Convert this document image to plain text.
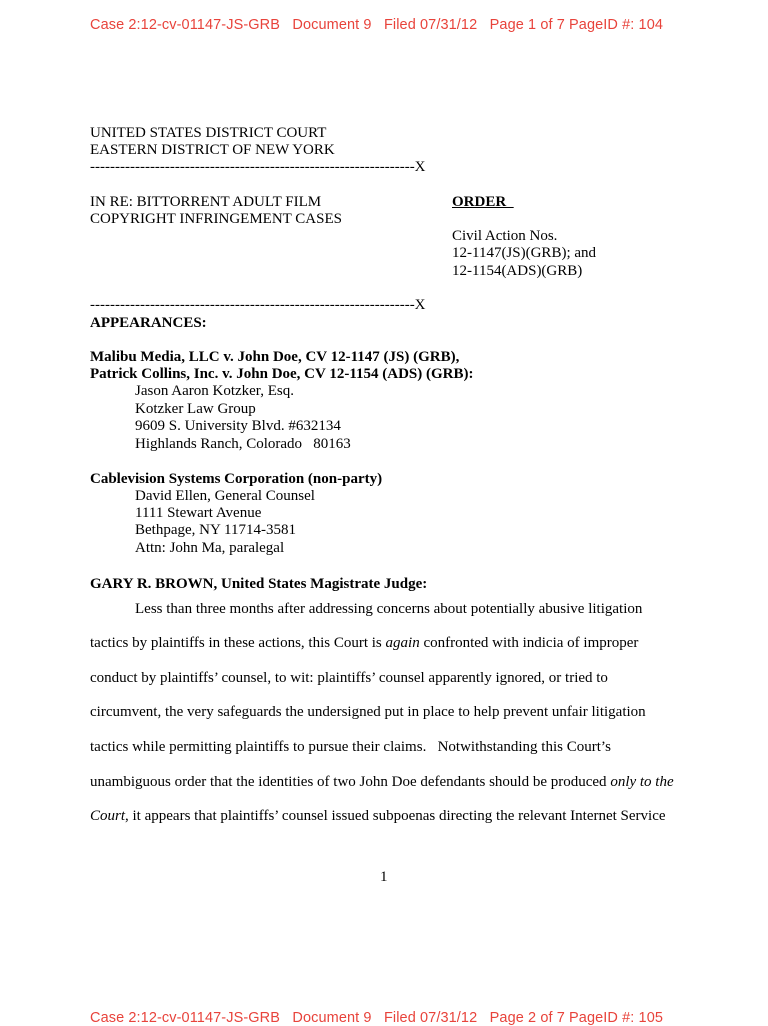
Case 2:12-cv-01147-JS-GRB   Document 9   Filed 07/31/12   Page 1 of 7 PageID #: 104
UNITED STATES DISTRICT COURT
EASTERN DISTRICT OF NEW YORK
-----------------------------------------------------------------X
IN RE: BITTORRENT ADULT FILM
COPYRIGHT INFRINGEMENT CASES
ORDER
Civil Action Nos.
12-1147(JS)(GRB); and
12-1154(ADS)(GRB)
-----------------------------------------------------------------X
APPEARANCES:
Malibu Media, LLC v. John Doe, CV 12-1147 (JS) (GRB),
Patrick Collins, Inc. v. John Doe, CV 12-1154 (ADS) (GRB):
Jason Aaron Kotzker, Esq.
Kotzker Law Group
9609 S. University Blvd. #632134
Highlands Ranch, Colorado   80163
Cablevision Systems Corporation (non-party)
David Ellen, General Counsel
1111 Stewart Avenue
Bethpage, NY 11714-3581
Attn: John Ma, paralegal
GARY R. BROWN, United States Magistrate Judge:
Less than three months after addressing concerns about potentially abusive litigation
tactics by plaintiffs in these actions, this Court is again confronted with indicia of improper
conduct by plaintiffs’ counsel, to wit: plaintiffs’ counsel apparently ignored, or tried to
circumvent, the very safeguards the undersigned put in place to help prevent unfair litigation
tactics while permitting plaintiffs to pursue their claims.   Notwithstanding this Court’s
unambiguous order that the identities of two John Doe defendants should be produced only to the
Court, it appears that plaintiffs’ counsel issued subpoenas directing the relevant Internet Service
1
Case 2:12-cv-01147-JS-GRB   Document 9   Filed 07/31/12   Page 2 of 7 PageID #: 105
